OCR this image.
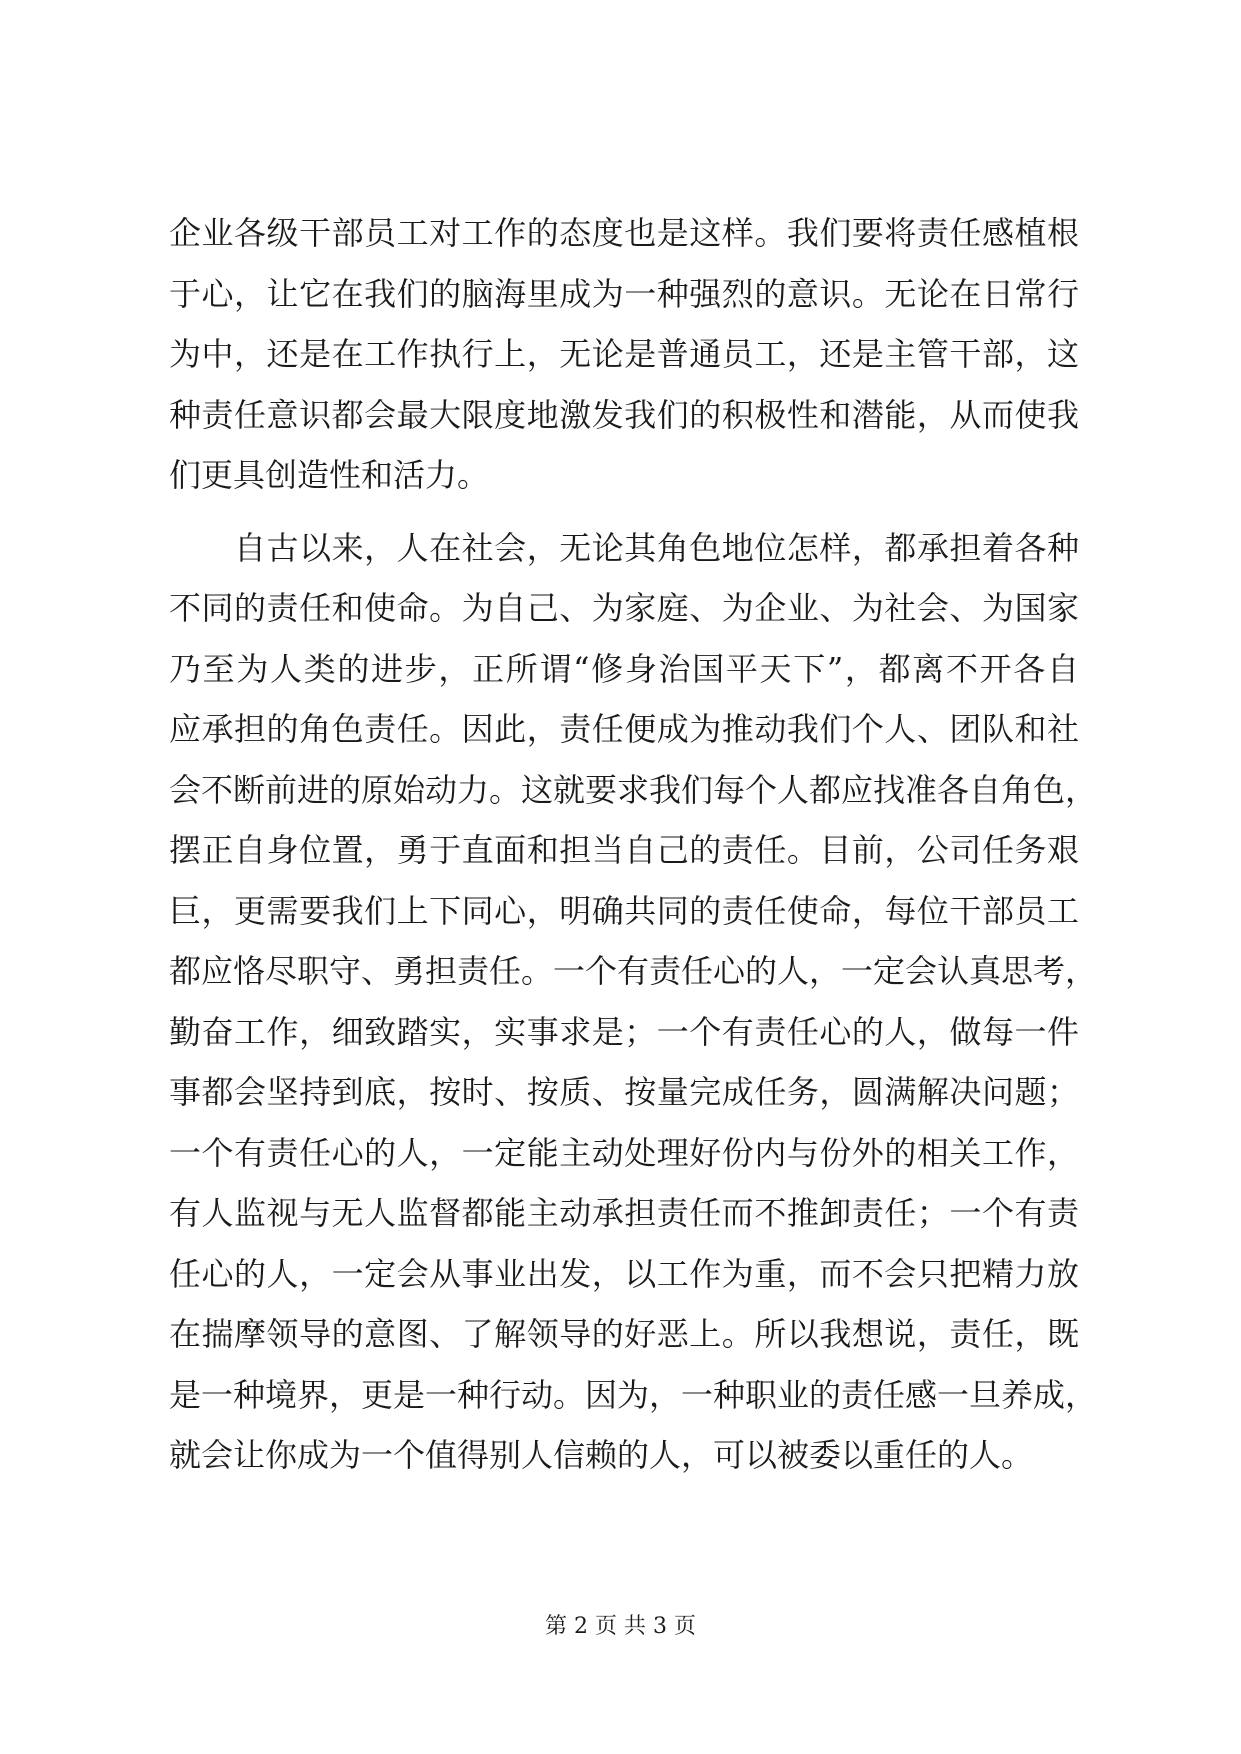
企业各级干部员工对工作的态度也是这样。我们要将责任感植根
于心，让它在我们的脑海里成为一种强烈的意识。无论在日常行
为中，还是在工作执行上，无论是普通员工，还是主管干部，这
种责任意识都会最大限度地激发我们的积极性和潜能，从而使我
们更具创造性和活力。
　　自古以来，人在社会，无论其角色地位怎样，都承担着各种
不同的责任和使命。为自己、为家庭、为企业、为社会、为国家
乃至为人类的进步，正所谓“修身治国平天下”，都离不开各自
应承担的角色责任。因此，责任便成为推动我们个人、团队和社
会不断前进的原始动力。这就要求我们每个人都应找准各自角色，
摆正自身位置，勇于直面和担当自己的责任。目前，公司任务艰
巨，更需要我们上下同心，明确共同的责任使命，每位干部员工
都应恪尽职守、勇担责任。一个有责任心的人，一定会认真思考，
勤奋工作，细致踏实，实事求是；一个有责任心的人，做每一件
事都会坚持到底，按时、按质、按量完成任务，圆满解决问题；
一个有责任心的人，一定能主动处理好份内与份外的相关工作，
有人监视与无人监督都能主动承担责任而不推卸责任；一个有责
任心的人，一定会从事业出发，以工作为重，而不会只把精力放
在揣摩领导的意图、了解领导的好恶上。所以我想说，责任，既
是一种境界，更是一种行动。因为，一种职业的责任感一旦养成，
就会让你成为一个值得别人信赖的人，可以被委以重任的人。
第 2 页 共 3 页
